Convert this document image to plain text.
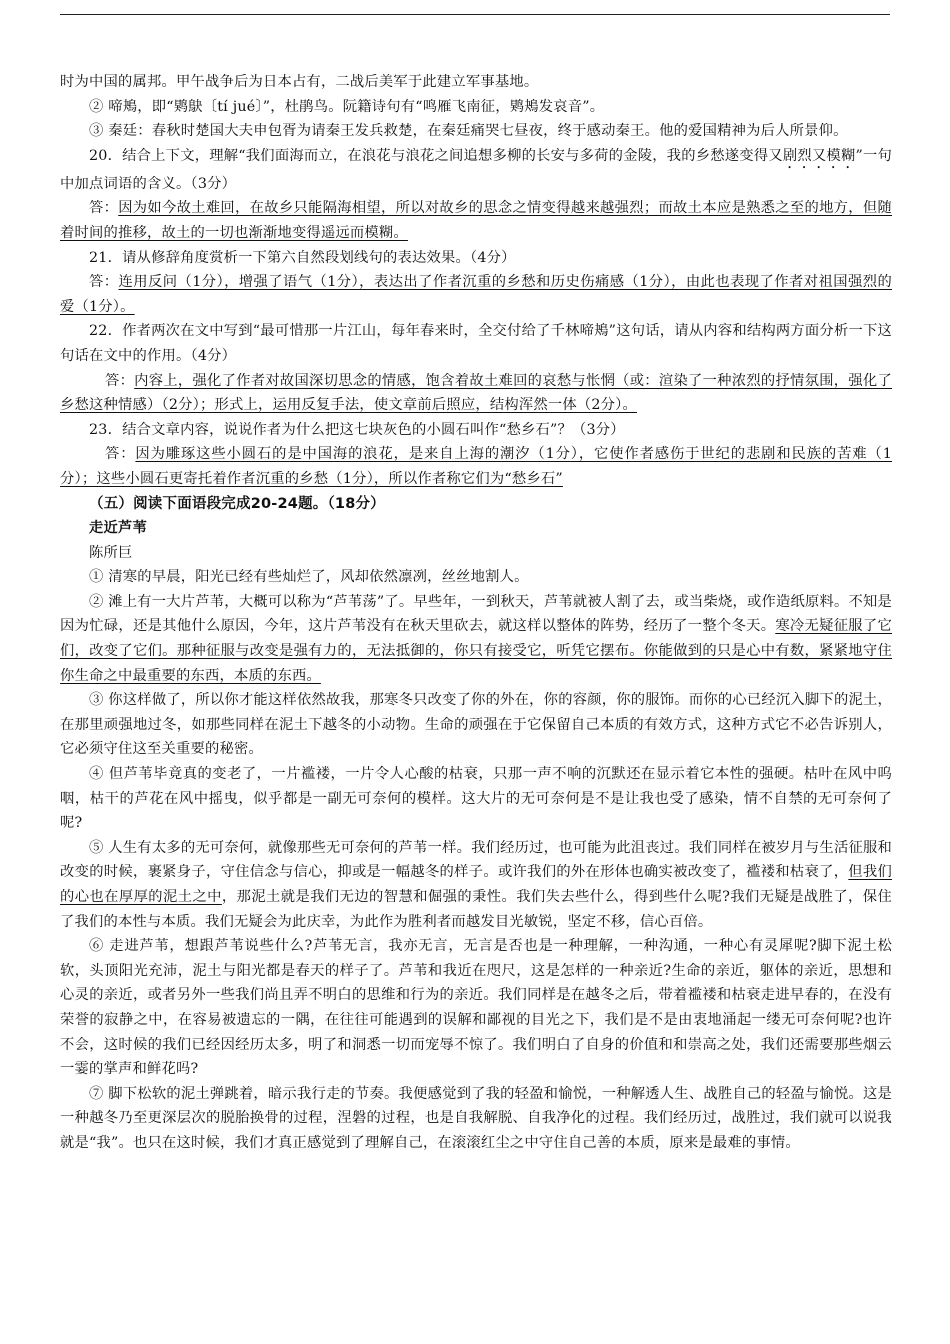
时为中国的属邦。甲午战争后为日本占有，二战后美军于此建立军事基地。

② 啼鴂，即“䴗鴃〔tí jué〕”，杜鹃鸟。阮籍诗句有“鸣雁飞南征，䴗鴂发哀音”。

③ 秦廷：春秋时楚国大夫申包胥为请秦王发兵救楚，在秦廷痛哭七昼夜，终于感动秦王。他的爱国精神为后人所景仰。

20．结合上下文，理解“我们面海而立，在浪花与浪花之间追想多柳的长安与多荷的金陵，我的乡愁遂变得又剧烈又模糊”一句中加点词语的含义。（3分）

答：因为如今故土难回，在故乡只能隔海相望，所以对故乡的思念之情变得越来越强烈；而故土本应是熟悉之至的地方，但随着时间的推移，故土的一切也渐渐地变得遥远而模糊。

21．请从修辞角度赏析一下第六自然段划线句的表达效果。（4分）

答：连用反问（1分），增强了语气（1分），表达出了作者沉重的乡愁和历史伤痛感（1分），由此也表现了作者对祖国强烈的爱（1分）。

22．作者两次在文中写到“最可惜那一片江山，每年春来时，全交付给了千林啼鴂”这句话，请从内容和结构两方面分析一下这句话在文中的作用。（4分）

答：内容上，强化了作者对故国深切思念的情感，饱含着故土难回的哀愁与怅惘（或：渲染了一种浓烈的抒情氛围，强化了乡愁这种情感）（2分）；形式上，运用反复手法，使文章前后照应，结构浑然一体（2分）。

23．结合文章内容，说说作者为什么把这七块灰色的小圆石叫作“愁乡石”？（3分）

答：因为雕琢这些小圆石的是中国海的浪花，是来自上海的潮汐（1分），它使作者感伤于世纪的悲剧和民族的苦难（1分）；这些小圆石更寄托着作者沉重的乡愁（1分），所以作者称它们为“愁乡石”

（五）阅读下面语段完成20-24题。（18分）

走近芦苇

陈所巨

① 清寒的早晨，阳光已经有些灿烂了，风却依然凛冽，丝丝地割人。

② 滩上有一大片芦苇，大概可以称为“芦苇荡”了。早些年，一到秋天，芦苇就被人割了去，或当柴烧，或作造纸原料。不知是因为忙碌，还是其他什么原因，今年，这片芦苇没有在秋天里砍去，就这样以整体的阵势，经历了一整个冬天。寒冷无疑征服了它们，改变了它们。那种征服与改变是强有力的，无法抵御的，你只有接受它，听凭它摆布。你能做到的只是心中有数，紧紧地守住你生命之中最重要的东西，本质的东西。

③ 你这样做了，所以你才能这样依然故我，那寒冬只改变了你的外在，你的容颜，你的服饰。而你的心已经沉入脚下的泥土，在那里顽强地过冬，如那些同样在泥土下越冬的小动物。生命的顽强在于它保留自己本质的有效方式，这种方式它不必告诉别人，它必须守住这至关重要的秘密。

④ 但芦苇毕竟真的变老了，一片褴褛，一片令人心酸的枯衰，只那一声不响的沉默还在显示着它本性的强硬。枯叶在风中呜咽，枯干的芦花在风中摇曳，似乎都是一副无可奈何的模样。这大片的无可奈何是不是让我也受了感染，情不自禁的无可奈何了呢?

⑤ 人生有太多的无可奈何，就像那些无可奈何的芦苇一样。我们经历过，也可能为此沮丧过。我们同样在被岁月与生活征服和改变的时候，裹紧身子，守住信念与信心，抑或是一幅越冬的样子。或许我们的外在形体也确实被改变了，褴褛和枯衰了，但我们的心也在厚厚的泥土之中，那泥土就是我们无边的智慧和倔强的秉性。我们失去些什么，得到些什么呢?我们无疑是战胜了，保住了我们的本性与本质。我们无疑会为此庆幸，为此作为胜利者而越发目光敏锐，坚定不移，信心百倍。

⑥ 走进芦苇，想跟芦苇说些什么?芦苇无言，我亦无言，无言是否也是一种理解，一种沟通，一种心有灵犀呢?脚下泥土松软，头顶阳光充沛，泥土与阳光都是春天的样子了。芦苇和我近在咫尺，这是怎样的一种亲近?生命的亲近，躯体的亲近，思想和心灵的亲近，或者另外一些我们尚且弄不明白的思维和行为的亲近。我们同样是在越冬之后，带着褴褛和枯衰走进早春的，在没有荣誉的寂静之中，在容易被遗忘的一隅，在往往可能遇到的误解和鄙视的目光之下，我们是不是由衷地涌起一缕无可奈何呢?也许不会，这时候的我们已经因经历太多，明了和洞悉一切而宠辱不惊了。我们明白了自身的价值和和崇高之处，我们还需要那些烟云一霎的掌声和鲜花吗?

⑦ 脚下松软的泥土弹跳着，暗示我行走的节奏。我便感觉到了我的轻盈和愉悦，一种解透人生、战胜自己的轻盈与愉悦。这是一种越冬乃至更深层次的脱胎换骨的过程，涅磐的过程，也是自我解脱、自我净化的过程。我们经历过，战胜过，我们就可以说我就是“我”。也只在这时候，我们才真正感觉到了理解自己，在滚滚红尘之中守住自己善的本质，原来是最难的事情。
